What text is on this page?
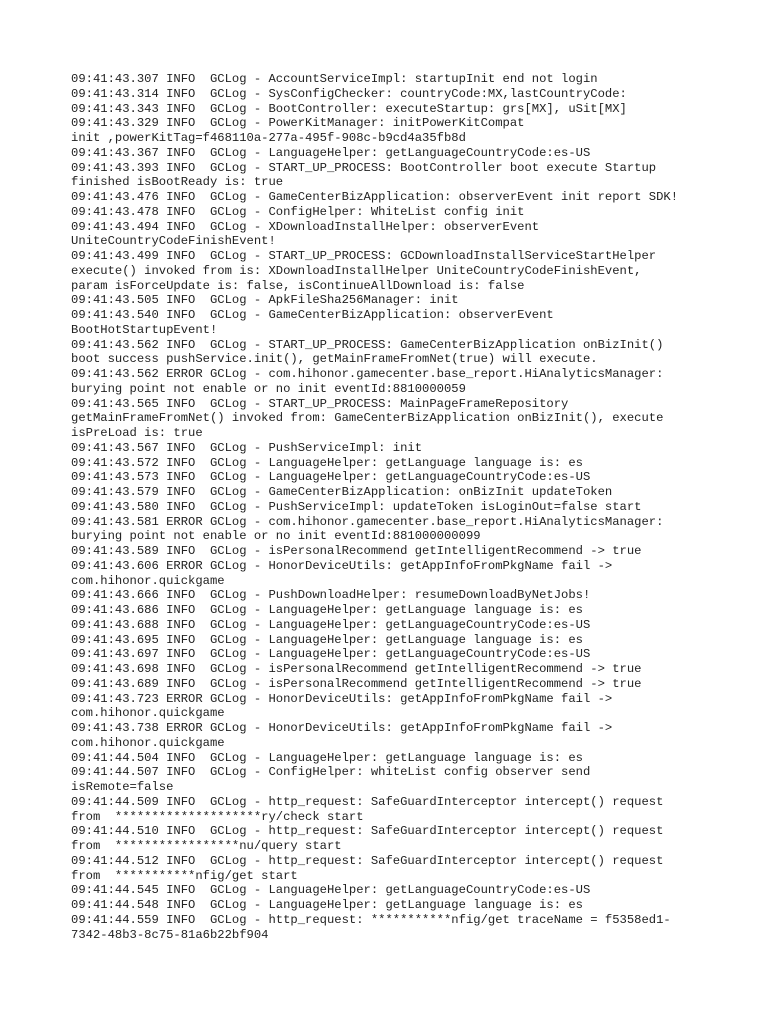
09:41:43.307 INFO  GCLog - AccountServiceImpl: startupInit end not login
09:41:43.314 INFO  GCLog - SysConfigChecker: countryCode:MX,lastCountryCode:
09:41:43.343 INFO  GCLog - BootController: executeStartup: grs[MX], uSit[MX]
09:41:43.329 INFO  GCLog - PowerKitManager: initPowerKitCompat
init ,powerKitTag=f468110a-277a-495f-908c-b9cd4a35fb8d
09:41:43.367 INFO  GCLog - LanguageHelper: getLanguageCountryCode:es-US
09:41:43.393 INFO  GCLog - START_UP_PROCESS: BootController boot execute Startup
finished isBootReady is: true
09:41:43.476 INFO  GCLog - GameCenterBizApplication: observerEvent init report SDK!
09:41:43.478 INFO  GCLog - ConfigHelper: WhiteList config init
09:41:43.494 INFO  GCLog - XDownloadInstallHelper: observerEvent
UniteCountryCodeFinishEvent!
09:41:43.499 INFO  GCLog - START_UP_PROCESS: GCDownloadInstallServiceStartHelper
execute() invoked from is: XDownloadInstallHelper UniteCountryCodeFinishEvent,
param isForceUpdate is: false, isContinueAllDownload is: false
09:41:43.505 INFO  GCLog - ApkFileSha256Manager: init
09:41:43.540 INFO  GCLog - GameCenterBizApplication: observerEvent
BootHotStartupEvent!
09:41:43.562 INFO  GCLog - START_UP_PROCESS: GameCenterBizApplication onBizInit()
boot success pushService.init(), getMainFrameFromNet(true) will execute.
09:41:43.562 ERROR GCLog - com.hihonor.gamecenter.base_report.HiAnalyticsManager:
burying point not enable or no init eventId:8810000059
09:41:43.565 INFO  GCLog - START_UP_PROCESS: MainPageFrameRepository
getMainFrameFromNet() invoked from: GameCenterBizApplication onBizInit(), execute
isPreLoad is: true
09:41:43.567 INFO  GCLog - PushServiceImpl: init
09:41:43.572 INFO  GCLog - LanguageHelper: getLanguage language is: es
09:41:43.573 INFO  GCLog - LanguageHelper: getLanguageCountryCode:es-US
09:41:43.579 INFO  GCLog - GameCenterBizApplication: onBizInit updateToken
09:41:43.580 INFO  GCLog - PushServiceImpl: updateToken isLoginOut=false start
09:41:43.581 ERROR GCLog - com.hihonor.gamecenter.base_report.HiAnalyticsManager:
burying point not enable or no init eventId:881000000099
09:41:43.589 INFO  GCLog - isPersonalRecommend getIntelligentRecommend -> true
09:41:43.606 ERROR GCLog - HonorDeviceUtils: getAppInfoFromPkgName fail ->
com.hihonor.quickgame
09:41:43.666 INFO  GCLog - PushDownloadHelper: resumeDownloadByNetJobs!
09:41:43.686 INFO  GCLog - LanguageHelper: getLanguage language is: es
09:41:43.688 INFO  GCLog - LanguageHelper: getLanguageCountryCode:es-US
09:41:43.695 INFO  GCLog - LanguageHelper: getLanguage language is: es
09:41:43.697 INFO  GCLog - LanguageHelper: getLanguageCountryCode:es-US
09:41:43.698 INFO  GCLog - isPersonalRecommend getIntelligentRecommend -> true
09:41:43.689 INFO  GCLog - isPersonalRecommend getIntelligentRecommend -> true
09:41:43.723 ERROR GCLog - HonorDeviceUtils: getAppInfoFromPkgName fail ->
com.hihonor.quickgame
09:41:43.738 ERROR GCLog - HonorDeviceUtils: getAppInfoFromPkgName fail ->
com.hihonor.quickgame
09:41:44.504 INFO  GCLog - LanguageHelper: getLanguage language is: es
09:41:44.507 INFO  GCLog - ConfigHelper: whiteList config observer send
isRemote=false
09:41:44.509 INFO  GCLog - http_request: SafeGuardInterceptor intercept() request
from  ********************ry/check start
09:41:44.510 INFO  GCLog - http_request: SafeGuardInterceptor intercept() request
from  *****************nu/query start
09:41:44.512 INFO  GCLog - http_request: SafeGuardInterceptor intercept() request
from  ***********nfig/get start
09:41:44.545 INFO  GCLog - LanguageHelper: getLanguageCountryCode:es-US
09:41:44.548 INFO  GCLog - LanguageHelper: getLanguage language is: es
09:41:44.559 INFO  GCLog - http_request: ***********nfig/get traceName = f5358ed1-
7342-48b3-8c75-81a6b22bf904
